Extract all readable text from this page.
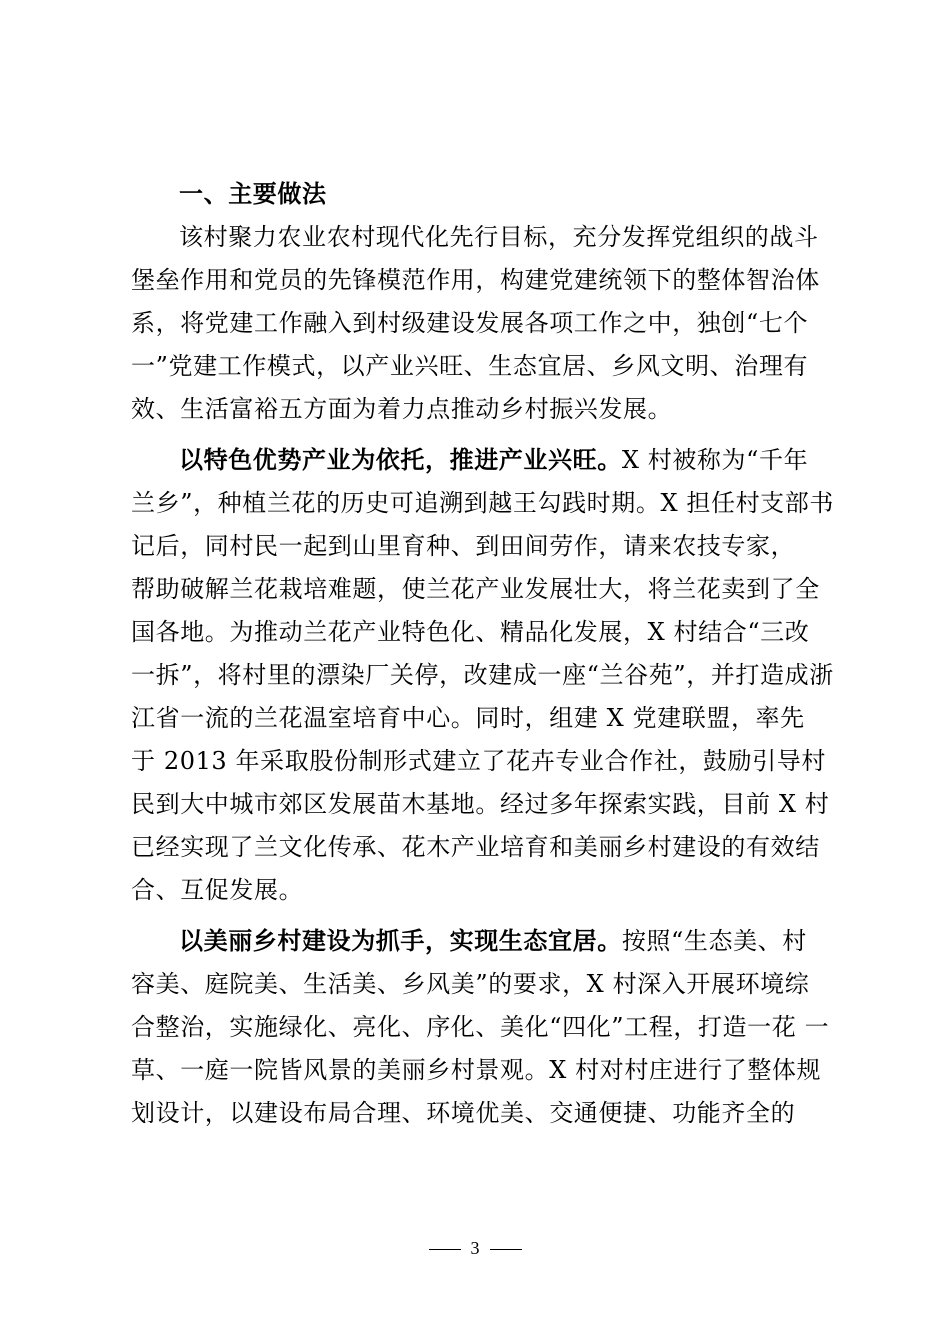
一、主要做法
该村聚力农业农村现代化先行目标，充分发挥党组织的战斗
堡垒作用和党员的先锋模范作用，构建党建统领下的整体智治体
系，将党建工作融入到村级建设发展各项工作之中，独创“七个
一”党建工作模式，以产业兴旺、生态宜居、乡风文明、治理有
效、生活富裕五方面为着力点推动乡村振兴发展。
以特色优势产业为依托，推进产业兴旺。X 村被称为“千年
兰乡”，种植兰花的历史可追溯到越王勾践时期。X 担任村支部书
记后，同村民一起到山里育种、到田间劳作，请来农技专家，
帮助破解兰花栽培难题，使兰花产业发展壮大，将兰花卖到了全
国各地。为推动兰花产业特色化、精品化发展，X 村结合“三改
一拆”，将村里的漂染厂关停，改建成一座“兰谷苑”，并打造成浙
江省一流的兰花温室培育中心。同时，组建 X 党建联盟，率先
于 2013 年采取股份制形式建立了花卉专业合作社，鼓励引导村
民到大中城市郊区发展苗木基地。经过多年探索实践，目前 X 村
已经实现了兰文化传承、花木产业培育和美丽乡村建设的有效结
合、互促发展。
以美丽乡村建设为抓手，实现生态宜居。按照“生态美、村
容美、庭院美、生活美、乡风美”的要求，X 村深入开展环境综
合整治，实施绿化、亮化、序化、美化“四化”工程，打造一花 一
草、一庭一院皆风景的美丽乡村景观。X 村对村庄进行了整体规
划设计，以建设布局合理、环境优美、交通便捷、功能齐全的
3
